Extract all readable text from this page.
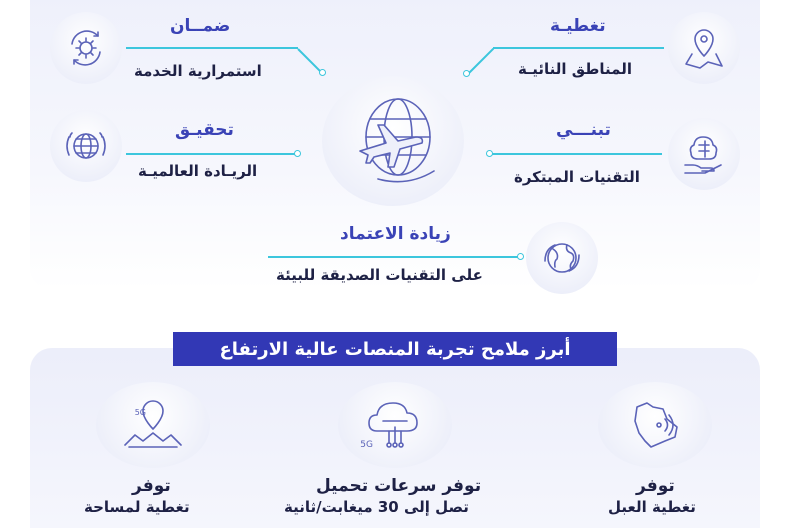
تغطيـة
المناطق النائيـة
ضمــان
استمرارية الخدمة
تبنـــي
التقنيات المبتكرة
تحقيـق
الريـادة العالميـة
زيادة الاعتماد
على التقنيات الصديقة للبيئة
أبرز ملامح تجربة المنصات عالية الارتفاع
5G
5G
توفر
تغطية العبل
توفر سرعات تحميل
تصل إلى 30 ميغابت/ثانية
توفر
تغطية لمساحة
